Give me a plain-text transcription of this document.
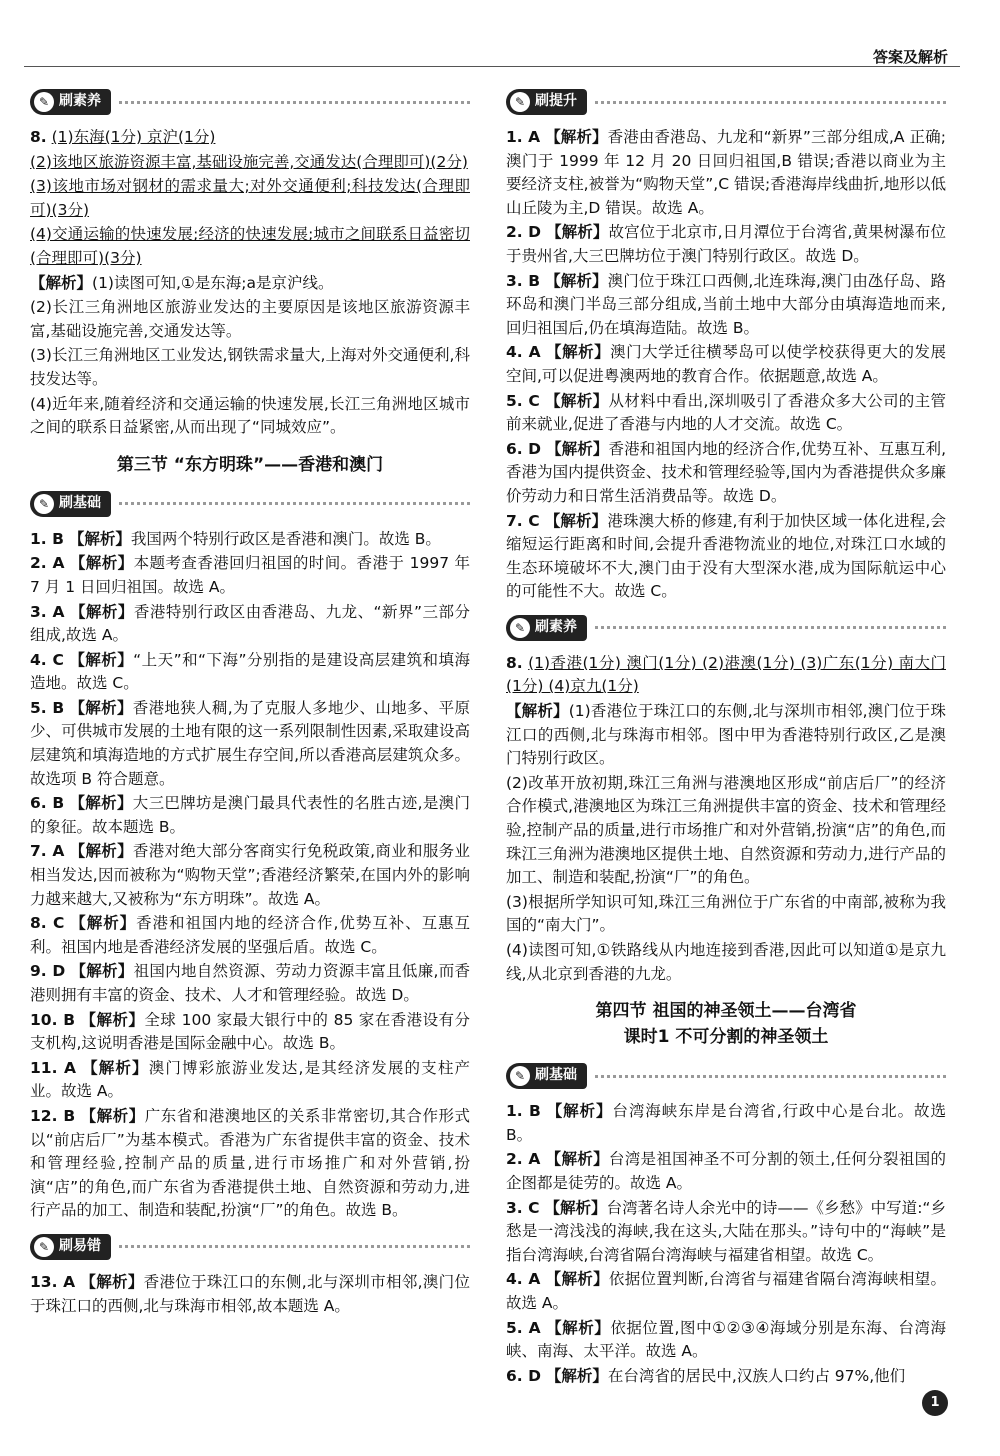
答案及解析
✎ 刷素养
8. (1)东海(1分) 京沪(1分)
(2)该地区旅游资源丰富,基础设施完善,交通发达(合理即可)(2分)
(3)该地市场对钢材的需求量大;对外交通便利;科技发达(合理即可)(3分)
(4)交通运输的快速发展;经济的快速发展;城市之间联系日益密切(合理即可)(3分)
【解析】(1)读图可知,①是东海;a是京沪线。
(2)长江三角洲地区旅游业发达的主要原因是该地区旅游资源丰富,基础设施完善,交通发达等。
(3)长江三角洲地区工业发达,钢铁需求量大,上海对外交通便利,科技发达等。
(4)近年来,随着经济和交通运输的快速发展,长江三角洲地区城市之间的联系日益紧密,从而出现了“同城效应”。
第三节 “东方明珠”——香港和澳门
✎ 刷基础
1. B 【解析】我国两个特别行政区是香港和澳门。故选 B。
2. A 【解析】本题考查香港回归祖国的时间。香港于 1997 年 7 月 1 日回归祖国。故选 A。
3. A 【解析】香港特别行政区由香港岛、九龙、“新界”三部分组成,故选 A。
4. C 【解析】“上天”和“下海”分别指的是建设高层建筑和填海造地。故选 C。
5. B 【解析】香港地狭人稠,为了克服人多地少、山地多、平原少、可供城市发展的土地有限的这一系列限制性因素,采取建设高层建筑和填海造地的方式扩展生存空间,所以香港高层建筑众多。故选项 B 符合题意。
6. B 【解析】大三巴牌坊是澳门最具代表性的名胜古迹,是澳门的象征。故本题选 B。
7. A 【解析】香港对绝大部分客商实行免税政策,商业和服务业相当发达,因而被称为“购物天堂”;香港经济繁荣,在国内外的影响力越来越大,又被称为“东方明珠”。故选 A。
8. C 【解析】香港和祖国内地的经济合作,优势互补、互惠互利。祖国内地是香港经济发展的坚强后盾。故选 C。
9. D 【解析】祖国内地自然资源、劳动力资源丰富且低廉,而香港则拥有丰富的资金、技术、人才和管理经验。故选 D。
10. B 【解析】全球 100 家最大银行中的 85 家在香港设有分支机构,这说明香港是国际金融中心。故选 B。
11. A 【解析】澳门博彩旅游业发达,是其经济发展的支柱产业。故选 A。
12. B 【解析】广东省和港澳地区的关系非常密切,其合作形式以“前店后厂”为基本模式。香港为广东省提供丰富的资金、技术和管理经验,控制产品的质量,进行市场推广和对外营销,扮演“店”的角色,而广东省为香港提供土地、自然资源和劳动力,进行产品的加工、制造和装配,扮演“厂”的角色。故选 B。
✎ 刷易错
13. A 【解析】香港位于珠江口的东侧,北与深圳市相邻,澳门位于珠江口的西侧,北与珠海市相邻,故本题选 A。
✎ 刷提升
1. A 【解析】香港由香港岛、九龙和“新界”三部分组成,A 正确;澳门于 1999 年 12 月 20 日回归祖国,B 错误;香港以商业为主要经济支柱,被誉为“购物天堂”,C 错误;香港海岸线曲折,地形以低山丘陵为主,D 错误。故选 A。
2. D 【解析】故宫位于北京市,日月潭位于台湾省,黄果树瀑布位于贵州省,大三巴牌坊位于澳门特别行政区。故选 D。
3. B 【解析】澳门位于珠江口西侧,北连珠海,澳门由氹仔岛、路环岛和澳门半岛三部分组成,当前土地中大部分由填海造地而来,回归祖国后,仍在填海造陆。故选 B。
4. A 【解析】澳门大学迁往横琴岛可以使学校获得更大的发展空间,可以促进粤澳两地的教育合作。依据题意,故选 A。
5. C 【解析】从材料中看出,深圳吸引了香港众多大公司的主管前来就业,促进了香港与内地的人才交流。故选 C。
6. D 【解析】香港和祖国内地的经济合作,优势互补、互惠互利,香港为国内提供资金、技术和管理经验等,国内为香港提供众多廉价劳动力和日常生活消费品等。故选 D。
7. C 【解析】港珠澳大桥的修建,有利于加快区域一体化进程,会缩短运行距离和时间,会提升香港物流业的地位,对珠江口水域的生态环境破坏不大,澳门由于没有大型深水港,成为国际航运中心的可能性不大。故选 C。
✎ 刷素养
8. (1)香港(1分) 澳门(1分) (2)港澳(1分) (3)广东(1分) 南大门(1分) (4)京九(1分)
【解析】(1)香港位于珠江口的东侧,北与深圳市相邻,澳门位于珠江口的西侧,北与珠海市相邻。图中甲为香港特别行政区,乙是澳门特别行政区。
(2)改革开放初期,珠江三角洲与港澳地区形成“前店后厂”的经济合作模式,港澳地区为珠江三角洲提供丰富的资金、技术和管理经验,控制产品的质量,进行市场推广和对外营销,扮演“店”的角色,而珠江三角洲为港澳地区提供土地、自然资源和劳动力,进行产品的加工、制造和装配,扮演“厂”的角色。
(3)根据所学知识可知,珠江三角洲位于广东省的中南部,被称为我国的“南大门”。
(4)读图可知,①铁路线从内地连接到香港,因此可以知道①是京九线,从北京到香港的九龙。
第四节 祖国的神圣领土——台湾省
课时1 不可分割的神圣领土
✎ 刷基础
1. B 【解析】台湾海峡东岸是台湾省,行政中心是台北。故选 B。
2. A 【解析】台湾是祖国神圣不可分割的领土,任何分裂祖国的企图都是徒劳的。故选 A。
3. C 【解析】台湾著名诗人余光中的诗——《乡愁》中写道:“乡愁是一湾浅浅的海峡,我在这头,大陆在那头。”诗句中的“海峡”是指台湾海峡,台湾省隔台湾海峡与福建省相望。故选 C。
4. A 【解析】依据位置判断,台湾省与福建省隔台湾海峡相望。故选 A。
5. A 【解析】依据位置,图中①②③④海域分别是东海、台湾海峡、南海、太平洋。故选 A。
6. D 【解析】在台湾省的居民中,汉族人口约占 97%,他们
1
